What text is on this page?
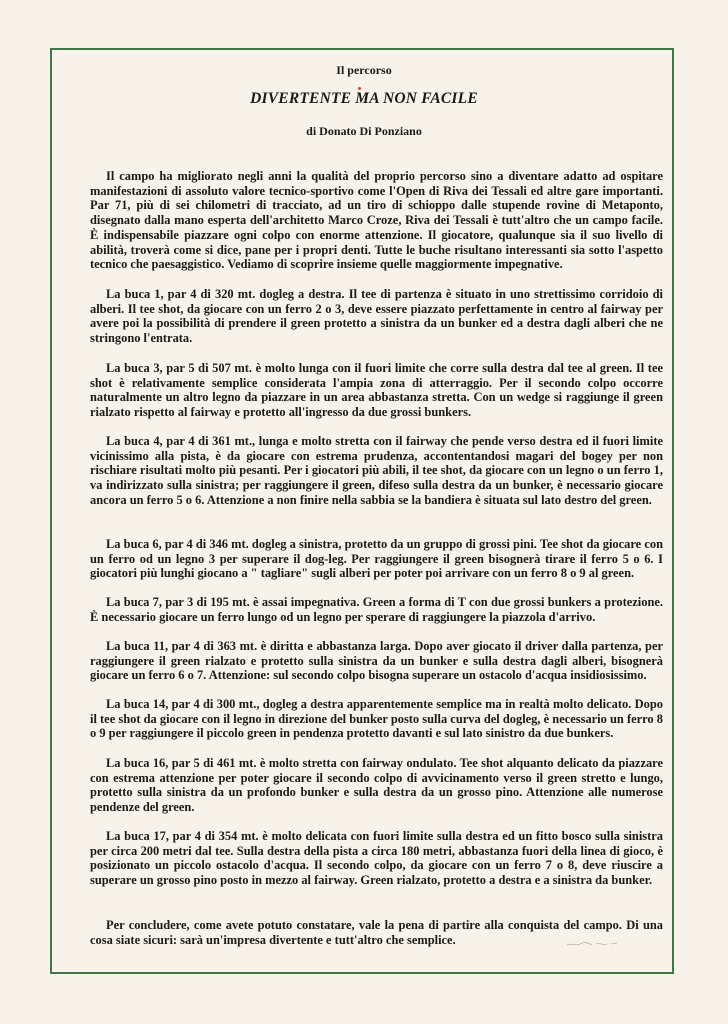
Il percorso
DIVERTENTE MA NON FACILE
di Donato Di Ponziano

Il campo ha migliorato negli anni la qualità del proprio percorso sino a diventare adatto ad ospitare manifestazioni di assoluto valore tecnico-sportivo come l'Open di Riva dei Tessali ed altre gare importanti. Par 71, più di sei chilometri di tracciato, ad un tiro di schioppo dalle stupende rovine di Metaponto, disegnato dalla mano esperta dell'architetto Marco Croze, Riva dei Tessali è tutt'altro che un campo facile. È indispensabile piazzare ogni colpo con enorme attenzione. Il giocatore, qualunque sia il suo livello di abilità, troverà come si dice, pane per i propri denti. Tutte le buche risultano interessanti sia sotto l'aspetto tecnico che paesaggistico. Vediamo di scoprire insieme quelle maggiormente impegnative.

La buca 1, par 4 di 320 mt. dogleg a destra. Il tee di partenza è situato in uno strettissimo corridoio di alberi. Il tee shot, da giocare con un ferro 2 o 3, deve essere piazzato perfettamente in centro al fairway per avere poi la possibilità di prendere il green protetto a sinistra da un bunker ed a destra dagli alberi che ne stringono l'entrata.

La buca 3, par 5 di 507 mt. è molto lunga con il fuori limite che corre sulla destra dal tee al green. Il tee shot è relativamente semplice considerata l'ampia zona di atterraggio. Per il secondo colpo occorre naturalmente un altro legno da piazzare in un area abbastanza stretta. Con un wedge si raggiunge il green rialzato rispetto al fairway e protetto all'ingresso da due grossi bunkers.

La buca 4, par 4 di 361 mt., lunga e molto stretta con il fairway che pende verso destra ed il fuori limite vicinissimo alla pista, è da giocare con estrema prudenza, accontentandosi magari del bogey per non rischiare risultati molto più pesanti. Per i giocatori più abili, il tee shot, da giocare con un legno o un ferro 1, va indirizzato sulla sinistra; per raggiungere il green, difeso sulla destra da un bunker, è necessario giocare ancora un ferro 5 o 6. Attenzione a non finire nella sabbia se la bandiera è situata sul lato destro del green.

La buca 6, par 4 di 346 mt. dogleg a sinistra, protetto da un gruppo di grossi pini. Tee shot da giocare con un ferro od un legno 3 per superare il dog-leg. Per raggiungere il green bisognerà tirare il ferro 5 o 6. I giocatori più lunghi giocano a " tagliare" sugli alberi per poter poi arrivare con un ferro 8 o 9 al green.

La buca 7, par 3 di 195 mt. è assai impegnativa. Green a forma di T con due grossi bunkers a protezione. È necessario giocare un ferro lungo od un legno per sperare di raggiungere la piazzola d'arrivo.

La buca 11, par 4 di 363 mt. è diritta e abbastanza larga. Dopo aver giocato il driver dalla partenza, per raggiungere il green rialzato e protetto sulla sinistra da un bunker e sulla destra dagli alberi, bisognerà giocare un ferro 6 o 7. Attenzione: sul secondo colpo bisogna superare un ostacolo d'acqua insidiosissimo.

La buca 14, par 4 di 300 mt., dogleg a destra apparentemente semplice ma in realtà molto delicato. Dopo il tee shot da giocare con il legno in direzione del bunker posto sulla curva del dogleg, è necessario un ferro 8 o 9 per raggiungere il piccolo green in pendenza protetto davanti e sul lato sinistro da due bunkers.

La buca 16, par 5 di 461 mt. è molto stretta con fairway ondulato. Tee shot alquanto delicato da piazzare con estrema attenzione per poter giocare il secondo colpo di avvicinamento verso il green stretto e lungo, protetto sulla sinistra da un profondo bunker e sulla destra da un grosso pino. Attenzione alle numerose pendenze del green.

La buca 17, par 4 di 354 mt. è molto delicata con fuori limite sulla destra ed un fitto bosco sulla sinistra per circa 200 metri dal tee. Sulla destra della pista a circa 180 metri, abbastanza fuori della linea di gioco, è posizionato un piccolo ostacolo d'acqua. Il secondo colpo, da giocare con un ferro 7 o 8, deve riuscire a superare un grosso pino posto in mezzo al fairway. Green rialzato, protetto a destra e a sinistra da bunker.

Per concludere, come avete potuto constatare, vale la pena di partire alla conquista del campo. Di una cosa siate sicuri: sarà un'impresa divertente e tutt'altro che semplice.
